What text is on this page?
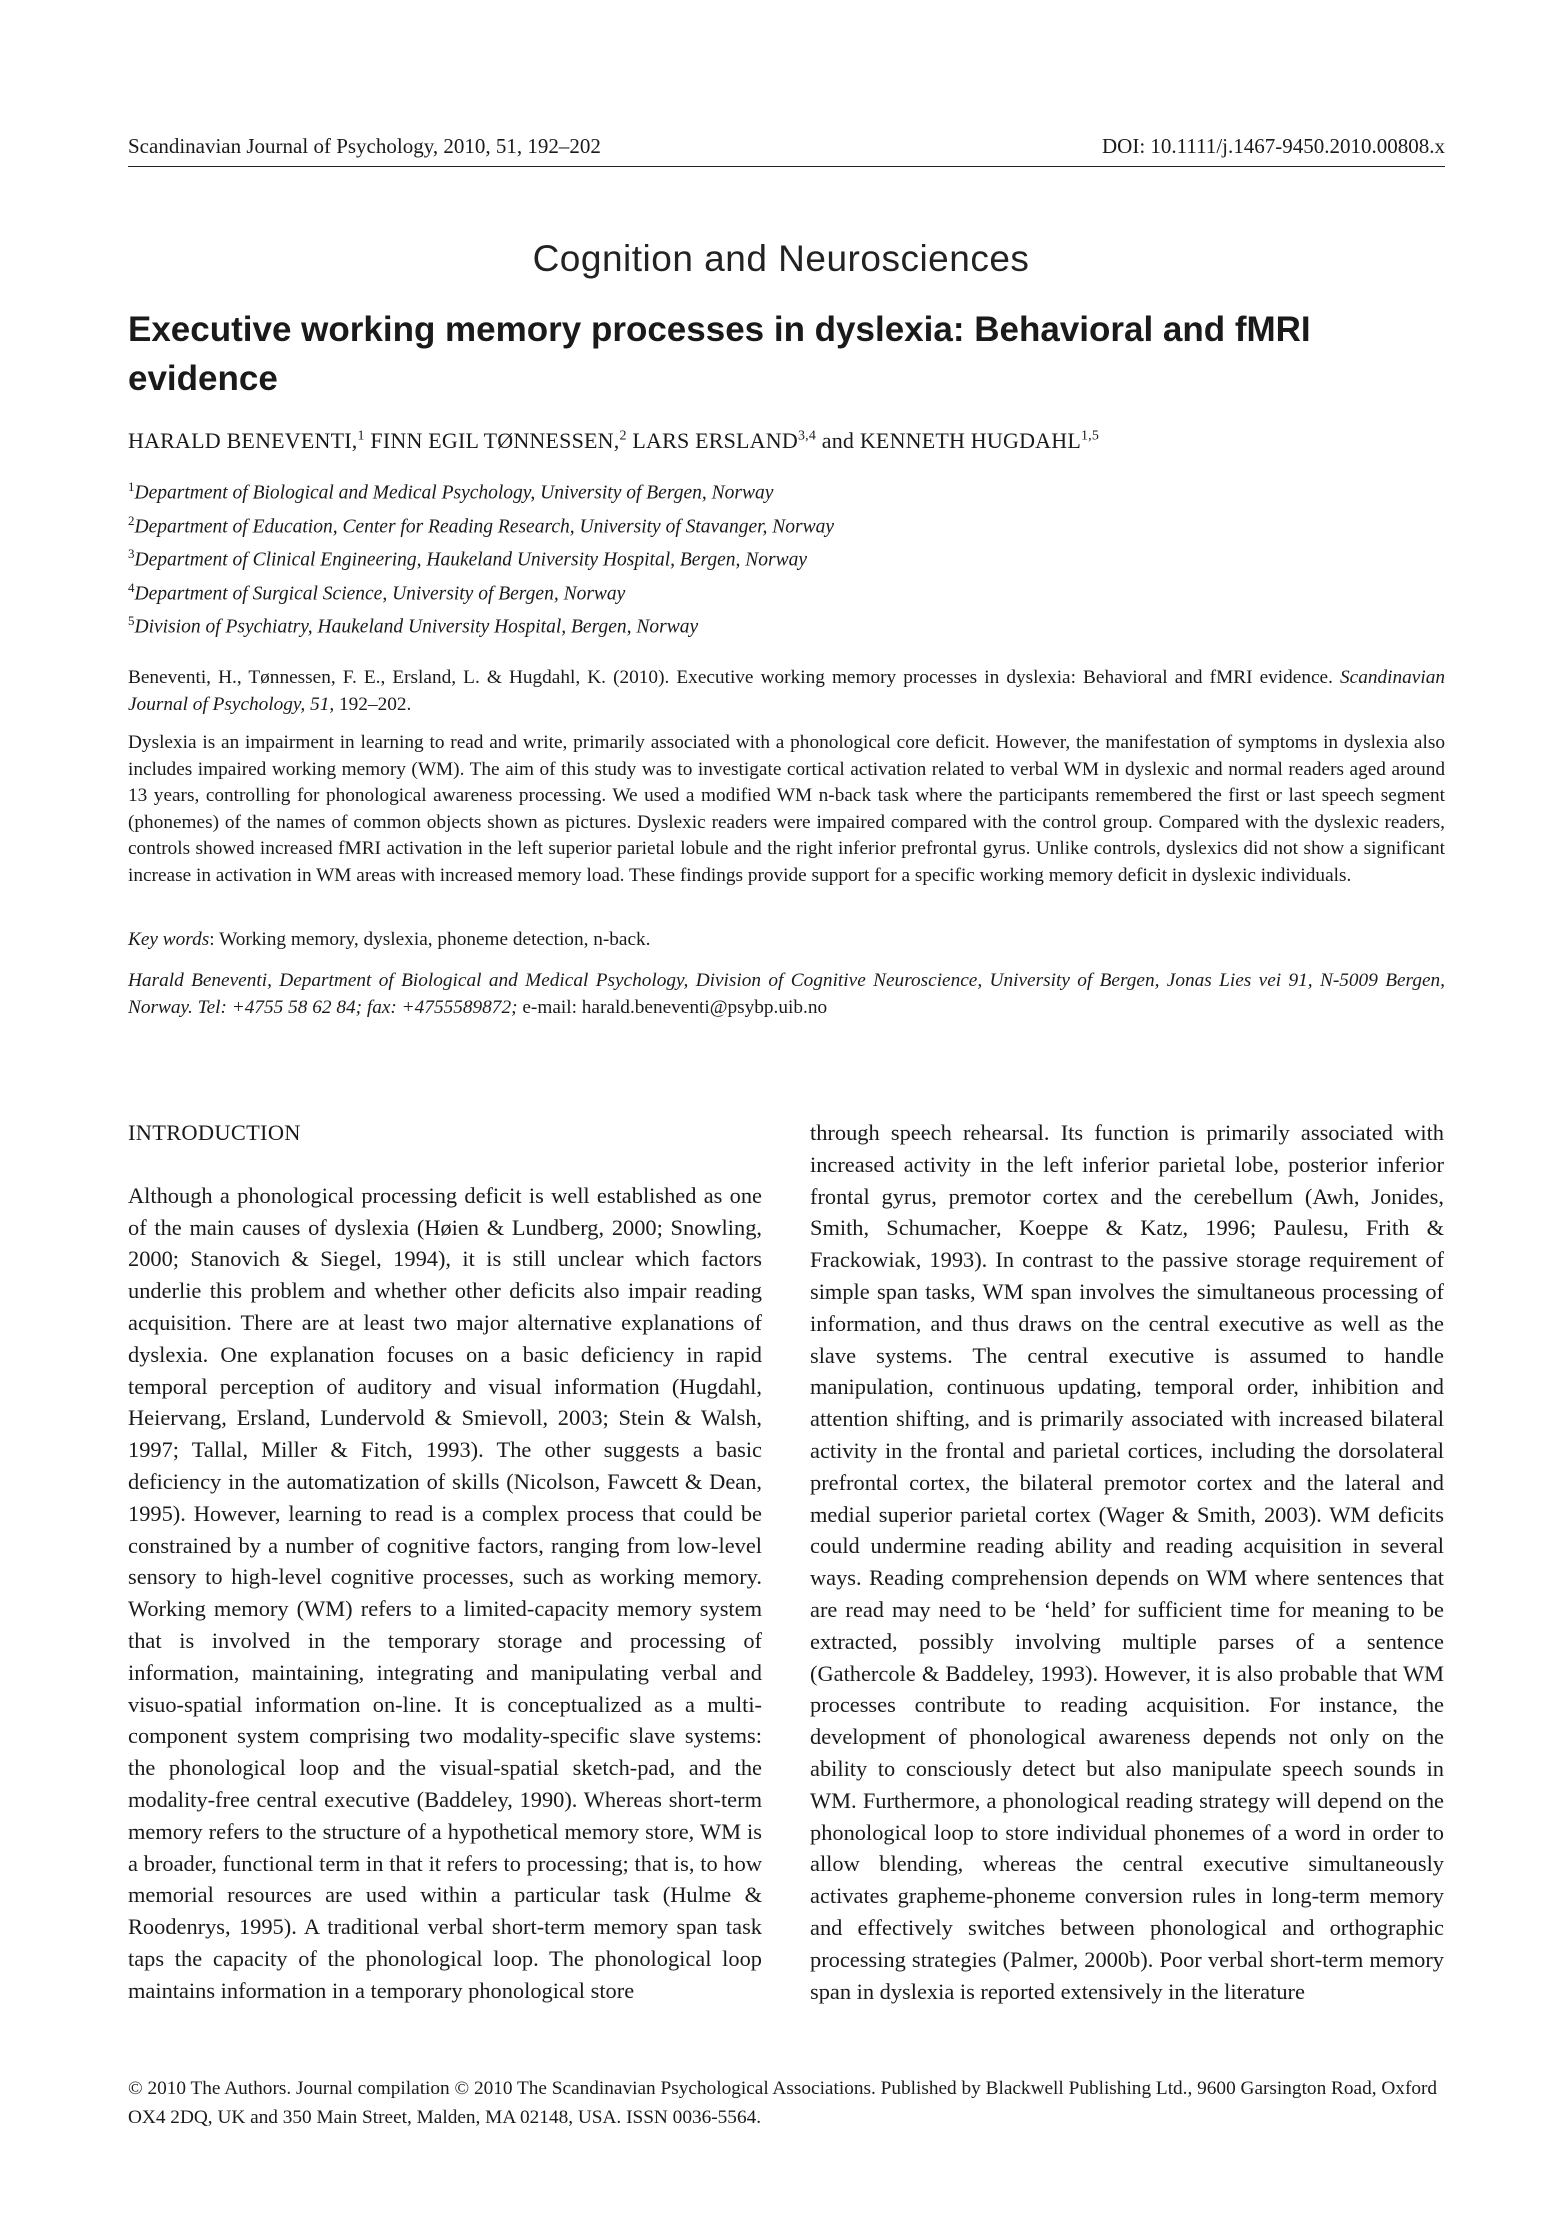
Scandinavian Journal of Psychology, 2010, 51, 192–202	DOI: 10.1111/j.1467-9450.2010.00808.x
Cognition and Neurosciences
Executive working memory processes in dyslexia: Behavioral and fMRI evidence
HARALD BENEVENTI,$^1$ FINN EGIL TØNNESSEN,$^2$ LARS ERSLAND$^{3,4}$ and KENNETH HUGDAHL$^{1,5}$
$^1$Department of Biological and Medical Psychology, University of Bergen, Norway
$^2$Department of Education, Center for Reading Research, University of Stavanger, Norway
$^3$Department of Clinical Engineering, Haukeland University Hospital, Bergen, Norway
$^4$Department of Surgical Science, University of Bergen, Norway
$^5$Division of Psychiatry, Haukeland University Hospital, Bergen, Norway
Beneventi, H., Tønnessen, F. E., Ersland, L. & Hugdahl, K. (2010). Executive working memory processes in dyslexia: Behavioral and fMRI evidence. Scandinavian Journal of Psychology, 51, 192–202.
Dyslexia is an impairment in learning to read and write, primarily associated with a phonological core deficit. However, the manifestation of symptoms in dyslexia also includes impaired working memory (WM). The aim of this study was to investigate cortical activation related to verbal WM in dyslexic and normal readers aged around 13 years, controlling for phonological awareness processing. We used a modified WM n-back task where the participants remembered the first or last speech segment (phonemes) of the names of common objects shown as pictures. Dyslexic readers were impaired compared with the control group. Compared with the dyslexic readers, controls showed increased fMRI activation in the left superior parietal lobule and the right inferior prefrontal gyrus. Unlike controls, dyslexics did not show a significant increase in activation in WM areas with increased memory load. These findings provide support for a specific working memory deficit in dyslexic individuals.
Key words: Working memory, dyslexia, phoneme detection, n-back.
Harald Beneventi, Department of Biological and Medical Psychology, Division of Cognitive Neuroscience, University of Bergen, Jonas Lies vei 91, N-5009 Bergen, Norway. Tel: +4755 58 62 84; fax: +4755589872; e-mail: harald.beneventi@psybp.uib.no
INTRODUCTION

Although a phonological processing deficit is well established as one of the main causes of dyslexia (Høien & Lundberg, 2000; Snowling, 2000; Stanovich & Siegel, 1994), it is still unclear which factors underlie this problem and whether other deficits also impair reading acquisition. There are at least two major alternative explanations of dyslexia. One explanation focuses on a basic deficiency in rapid temporal perception of auditory and visual information (Hugdahl, Heiervang, Ersland, Lundervold & Smievoll, 2003; Stein & Walsh, 1997; Tallal, Miller & Fitch, 1993). The other suggests a basic deficiency in the automatization of skills (Nicolson, Fawcett & Dean, 1995). However, learning to read is a complex process that could be constrained by a number of cognitive factors, ranging from low-level sensory to high-level cognitive processes, such as working memory. Working memory (WM) refers to a limited-capacity memory system that is involved in the temporary storage and processing of information, maintaining, integrating and manipulating verbal and visuo-spatial information on-line. It is conceptualized as a multi-component system comprising two modality-specific slave systems: the phonological loop and the visual-spatial sketch-pad, and the modality-free central executive (Baddeley, 1990). Whereas short-term memory refers to the structure of a hypothetical memory store, WM is a broader, functional term in that it refers to processing; that is, to how memorial resources are used within a particular task (Hulme & Roodenrys, 1995). A traditional verbal short-term memory span task taps the capacity of the phonological loop. The phonological loop maintains information in a temporary phonological store

through speech rehearsal. Its function is primarily associated with increased activity in the left inferior parietal lobe, posterior inferior frontal gyrus, premotor cortex and the cerebellum (Awh, Jonides, Smith, Schumacher, Koeppe & Katz, 1996; Paulesu, Frith & Frackowiak, 1993). In contrast to the passive storage requirement of simple span tasks, WM span involves the simultaneous processing of information, and thus draws on the central executive as well as the slave systems. The central executive is assumed to handle manipulation, continuous updating, temporal order, inhibition and attention shifting, and is primarily associated with increased bilateral activity in the frontal and parietal cortices, including the dorsolateral prefrontal cortex, the bilateral premotor cortex and the lateral and medial superior parietal cortex (Wager & Smith, 2003). WM deficits could undermine reading ability and reading acquisition in several ways. Reading comprehension depends on WM where sentences that are read may need to be ‘held’ for sufficient time for meaning to be extracted, possibly involving multiple parses of a sentence (Gathercole & Baddeley, 1993). However, it is also probable that WM processes contribute to reading acquisition. For instance, the development of phonological awareness depends not only on the ability to consciously detect but also manipulate speech sounds in WM. Furthermore, a phonological reading strategy will depend on the phonological loop to store individual phonemes of a word in order to allow blending, whereas the central executive simultaneously activates grapheme-phoneme conversion rules in long-term memory and effectively switches between phonological and orthographic processing strategies (Palmer, 2000b). Poor verbal short-term memory span in dyslexia is reported extensively in the literature

© 2010 The Authors. Journal compilation © 2010 The Scandinavian Psychological Associations. Published by Blackwell Publishing Ltd., 9600 Garsington Road, Oxford OX4 2DQ, UK and 350 Main Street, Malden, MA 02148, USA. ISSN 0036-5564.
